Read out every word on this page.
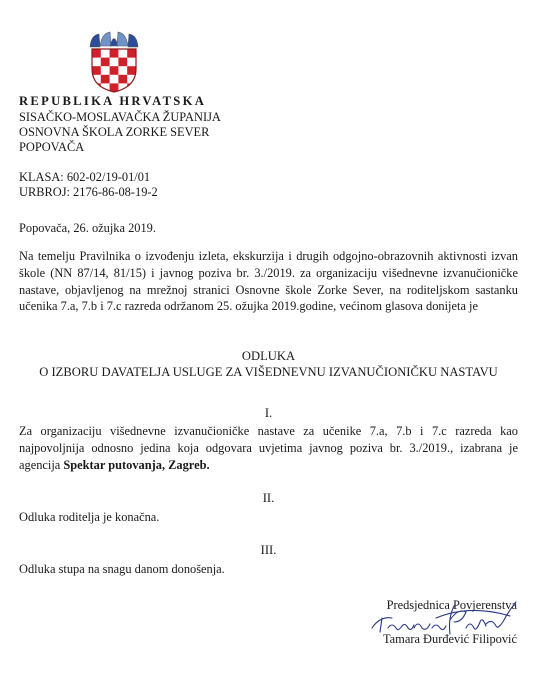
REPUBLIKA HRVATSKA
SISAČKO-MOSLAVAČKA ŽUPANIJA
OSNOVNA ŠKOLA ZORKE SEVER
POPOVAČA
KLASA: 602-02/19-01/01
URBROJ: 2176-86-08-19-2
Popovača, 26. ožujka 2019.
Na temelju Pravilnika o izvođenju izleta, ekskurzija i drugih odgojno-obrazovnih aktivnosti izvan škole (NN 87/14, 81/15) i javnog poziva br. 3./2019. za organizaciju višednevne izvanučioničke nastave, objavljenog na mrežnoj stranici Osnovne škole Zorke Sever, na roditeljskom sastanku učenika 7.a, 7.b i 7.c razreda održanom 25. ožujka 2019.godine, većinom glasova donijeta je
ODLUKA
O IZBORU DAVATELJA USLUGE ZA VIŠEDNEVNU IZVANUČIONIČKU NASTAVU
I.
Za organizaciju višednevne izvanučioničke nastave za učenike 7.a, 7.b i 7.c razreda kao najpovoljnija odnosno jedina koja odgovara uvjetima javnog poziva br. 3./2019., izabrana je agencija Spektar putovanja, Zagreb.
II.
Odluka roditelja je konačna.
III.
Odluka stupa na snagu danom donošenja.
Predsjednica Povjerenstva
Tamara Đurđević Filipović
